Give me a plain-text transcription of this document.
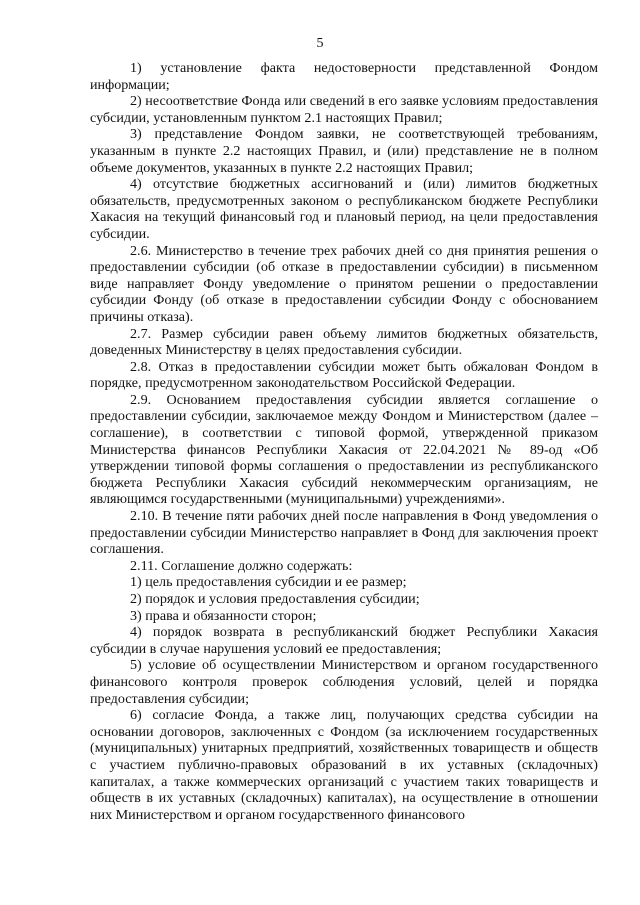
5

1) установление факта недостоверности представленной Фондом информации;

2) несоответствие Фонда или сведений в его заявке условиям предоставления субсидии, установленным пунктом 2.1 настоящих Правил;

3) представление Фондом заявки, не соответствующей требованиям, указанным в пункте 2.2 настоящих Правил, и (или) представление не в полном объеме документов, указанных в пункте 2.2 настоящих Правил;

4) отсутствие бюджетных ассигнований и (или) лимитов бюджетных обязательств, предусмотренных законом о республиканском бюджете Республики Хакасия на текущий финансовый год и плановый период, на цели предоставления субсидии.

2.6. Министерство в течение трех рабочих дней со дня принятия решения о предоставлении субсидии (об отказе в предоставлении субсидии) в письменном виде направляет Фонду уведомление о принятом решении о предоставлении субсидии Фонду (об отказе в предоставлении субсидии Фонду с обоснованием причины отказа).

2.7. Размер субсидии равен объему лимитов бюджетных обязательств, доведенных Министерству в целях предоставления субсидии.

2.8. Отказ в предоставлении субсидии может быть обжалован Фондом в порядке, предусмотренном законодательством Российской Федерации.

2.9. Основанием предоставления субсидии является соглашение о предоставлении субсидии, заключаемое между Фондом и Министерством (далее – соглашение), в соответствии с типовой формой, утвержденной приказом Министерства финансов Республики Хакасия от 22.04.2021 № 89-од «Об утверждении типовой формы соглашения о предоставлении из республиканского бюджета Республики Хакасия субсидий некоммерческим организациям, не являющимся государственными (муниципальными) учреждениями».

2.10. В течение пяти рабочих дней после направления в Фонд уведомления о предоставлении субсидии Министерство направляет в Фонд для заключения проект соглашения.

2.11. Соглашение должно содержать:

1) цель предоставления субсидии и ее размер;

2) порядок и условия предоставления субсидии;

3) права и обязанности сторон;

4) порядок возврата в республиканский бюджет Республики Хакасия субсидии в случае нарушения условий ее предоставления;

5) условие об осуществлении Министерством и органом государственного финансового контроля проверок соблюдения условий, целей и порядка предоставления субсидии;

6) согласие Фонда, а также лиц, получающих средства субсидии на основании договоров, заключенных с Фондом (за исключением государственных (муниципальных) унитарных предприятий, хозяйственных товариществ и обществ с участием публично-правовых образований в их уставных (складочных) капиталах, а также коммерческих организаций с участием таких товариществ и обществ в их уставных (складочных) капиталах), на осуществление в отношении них Министерством и органом государственного финансового
